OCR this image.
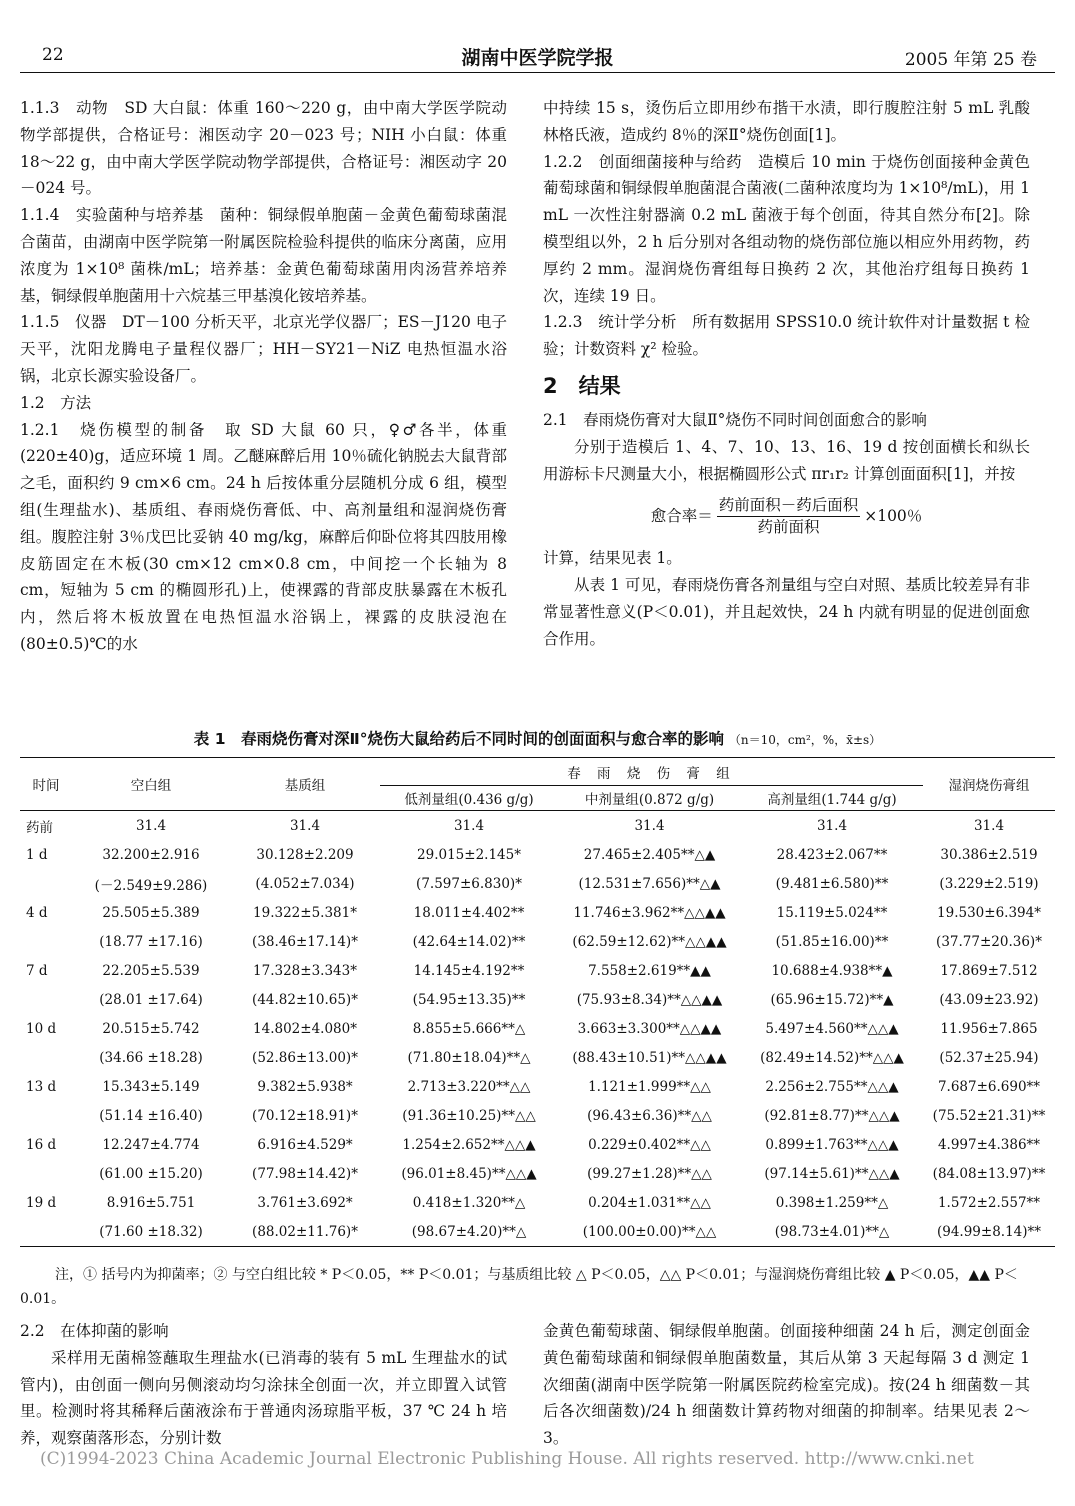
22	湖南中医学院学报	2005 年第 25 卷

1.1.3　动物　SD 大白鼠：体重 160～220 g，由中南大学医学院动物学部提供，合格证号：湘医动字 20－023 号；NIH 小白鼠：体重 18～22 g，由中南大学医学院动物学部提供，合格证号：湘医动字 20－024 号。

1.1.4　实验菌种与培养基　菌种：铜绿假单胞菌－金黄色葡萄球菌混合菌苗，由湖南中医学院第一附属医院检验科提供的临床分离菌，应用浓度为 1×10⁸ 菌株/mL；培养基：金黄色葡萄球菌用肉汤营养培养基，铜绿假单胞菌用十六烷基三甲基溴化铵培养基。

1.1.5　仪器　DT－100 分析天平，北京光学仪器厂；ES－J120 电子天平，沈阳龙腾电子量程仪器厂；HH－SY21－NiZ 电热恒温水浴锅，北京长源实验设备厂。

1.2　方法

1.2.1　烧伤模型的制备　取 SD 大鼠 60 只，♀♂各半，体重(220±40)g，适应环境 1 周。乙醚麻醉后用 10％硫化钠脱去大鼠背部之毛，面积约 9 cm×6 cm。24 h 后按体重分层随机分成 6 组，模型组(生理盐水)、基质组、春雨烧伤膏低、中、高剂量组和湿润烧伤膏组。腹腔注射 3％戊巴比妥钠 40 mg/kg，麻醉后仰卧位将其四肢用橡皮筋固定在木板(30 cm×12 cm×0.8 cm，中间挖一个长轴为 8 cm，短轴为 5 cm 的椭圆形孔)上，使裸露的背部皮肤暴露在木板孔内，然后将木板放置在电热恒温水浴锅上，裸露的皮肤浸泡在(80±0.5)℃的水

中持续 15 s，烫伤后立即用纱布揩干水渍，即行腹腔注射 5 mL 乳酸林格氏液，造成约 8％的深Ⅱ°烧伤创面[1]。

1.2.2　创面细菌接种与给药　造模后 10 min 于烧伤创面接种金黄色葡萄球菌和铜绿假单胞菌混合菌液(二菌种浓度均为 1×10⁸/mL)，用 1 mL 一次性注射器滴 0.2 mL 菌液于每个创面，待其自然分布[2]。除模型组以外，2 h 后分别对各组动物的烧伤部位施以相应外用药物，药厚约 2 mm。湿润烧伤膏组每日换药 2 次，其他治疗组每日换药 1 次，连续 19 日。

1.2.3　统计学分析　所有数据用 SPSS10.0 统计软件对计量数据 t 检验；计数资料 χ² 检验。

2　结果

2.1　春雨烧伤膏对大鼠Ⅱ°烧伤不同时间创面愈合的影响

分别于造模后 1、4、7、10、13、16、19 d 按创面横长和纵长用游标卡尺测量大小，根据椭圆形公式 πr₁r₂ 计算创面面积[1]，并按

愈合率＝ $\frac{\text{药前面积－药后面积}}{\text{药前面积}} \times 100$％

计算，结果见表 1。

从表 1 可见，春雨烧伤膏各剂量组与空白对照、基质比较差异有非常显著性意义(P＜0.01)，并且起效快，24 h 内就有明显的促进创面愈合作用。

表 1　春雨烧伤膏对深Ⅱ°烧伤大鼠给药后不同时间的创面面积与愈合率的影响 （n＝10，cm²，%，x̄±s）
时间	空白组	基质组	春 雨 烧 伤 膏 组			湿润烧伤膏组
			低剂量组(0.436 g/g)	中剂量组(0.872 g/g)	高剂量组(1.744 g/g)	
药前	31.4	31.4	31.4	31.4	31.4	31.4
1 d	32.200±2.916	30.128±2.209	29.015±2.145*	27.465±2.405**△▲	28.423±2.067**	30.386±2.519
	(－2.549±9.286)	(4.052±7.034)	(7.597±6.830)*	(12.531±7.656)**△▲	(9.481±6.580)**	(3.229±2.519)
4 d	25.505±5.389	19.322±5.381*	18.011±4.402**	11.746±3.962**△△▲▲	15.119±5.024**	19.530±6.394*
	(18.77 ±17.16)	(38.46±17.14)*	(42.64±14.02)**	(62.59±12.62)**△△▲▲	(51.85±16.00)**	(37.77±20.36)*
7 d	22.205±5.539	17.328±3.343*	14.145±4.192**	7.558±2.619**▲▲	10.688±4.938**▲	17.869±7.512
	(28.01 ±17.64)	(44.82±10.65)*	(54.95±13.35)**	(75.93±8.34)**△△▲▲	(65.96±15.72)**▲	(43.09±23.92)
10 d	20.515±5.742	14.802±4.080*	8.855±5.666**△	3.663±3.300**△△▲▲	5.497±4.560**△△▲	11.956±7.865
	(34.66 ±18.28)	(52.86±13.00)*	(71.80±18.04)**△	(88.43±10.51)**△△▲▲	(82.49±14.52)**△△▲	(52.37±25.94)
13 d	15.343±5.149	9.382±5.938*	2.713±3.220**△△	1.121±1.999**△△	2.256±2.755**△△▲	7.687±6.690**
	(51.14 ±16.40)	(70.12±18.91)*	(91.36±10.25)**△△	(96.43±6.36)**△△	(92.81±8.77)**△△▲	(75.52±21.31)**
16 d	12.247±4.774	6.916±4.529*	1.254±2.652**△△▲	0.229±0.402**△△	0.899±1.763**△△▲	4.997±4.386**
	(61.00 ±15.20)	(77.98±14.42)*	(96.01±8.45)**△△▲	(99.27±1.28)**△△	(97.14±5.61)**△△▲	(84.08±13.97)**
19 d	8.916±5.751	3.761±3.692*	0.418±1.320**△	0.204±1.031**△△	0.398±1.259**△	1.572±2.557**
	(71.60 ±18.32)	(88.02±11.76)*	(98.67±4.20)**△	(100.00±0.00)**△△	(98.73±4.01)**△	(94.99±8.14)**
注，① 括号内为抑菌率；② 与空白组比较 * P＜0.05，** P＜0.01；与基质组比较 △ P＜0.05，△△ P＜0.01；与湿润烧伤膏组比较 ▲ P＜0.05，▲▲ P＜0.01。

2.2　在体抑菌的影响

采样用无菌棉签蘸取生理盐水(已消毒的装有 5 mL 生理盐水的试管内)，由创面一侧向另侧滚动均匀涂抹全创面一次，并立即置入试管里。检测时将其稀释后菌液涂布于普通肉汤琼脂平板，37 ℃ 24 h 培养，观察菌落形态，分别计数

金黄色葡萄球菌、铜绿假单胞菌。创面接种细菌 24 h 后，测定创面金黄色葡萄球菌和铜绿假单胞菌数量，其后从第 3 天起每隔 3 d 测定 1 次细菌(湖南中医学院第一附属医院药检室完成)。按(24 h 细菌数－其后各次细菌数)/24 h 细菌数计算药物对细菌的抑制率。结果见表 2～3。

(C)1994-2023 China Academic Journal Electronic Publishing House. All rights reserved. http://www.cnki.net
